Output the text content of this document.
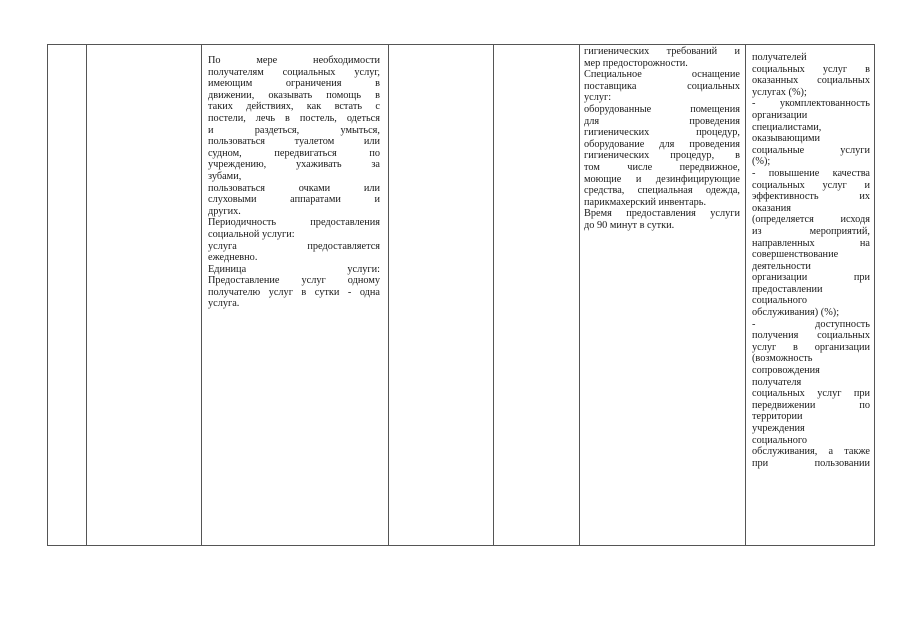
По мере необходимости
получателям социальных услуг,
имеющим ограничения в
движении, оказывать помощь в
таких действиях, как встать с
постели, лечь в постель, одеться
и раздеться, умыться,
пользоваться туалетом или
судном, передвигаться по
учреждению, ухаживать за
зубами,
пользоваться очками или
слуховыми аппаратами и
других.
Периодичность предоставления
социальной услуги:
услуга предоставляется
ежедневно.
Единица услуги:
Предоставление услуг одному
получателю услуг в сутки - одна
услуга.
гигиенических требований и
мер предосторожности.
Специальное оснащение
поставщика социальных
услуг:
оборудованные помещения
для проведения
гигиенических процедур,
оборудование для проведения
гигиенических процедур, в
том числе передвижное,
моющие и дезинфицирующие
средства, специальная одежда,
парикмахерский инвентарь.
Время предоставления услуги
до 90 минут в сутки.
получателей
социальных услуг в
оказанных социальных
услугах (%);
- укомплектованность
организации
специалистами,
оказывающими
социальные услуги
(%);
- повышение качества
социальных услуг и
эффективность их
оказания
(определяется исходя
из мероприятий,
направленных на
совершенствование
деятельности
организации при
предоставлении
социального
обслуживания) (%);
- доступность
получения социальных
услуг в организации
(возможность
сопровождения
получателя
социальных услуг при
передвижении по
территории
учреждения
социального
обслуживания, а также
при пользовании
